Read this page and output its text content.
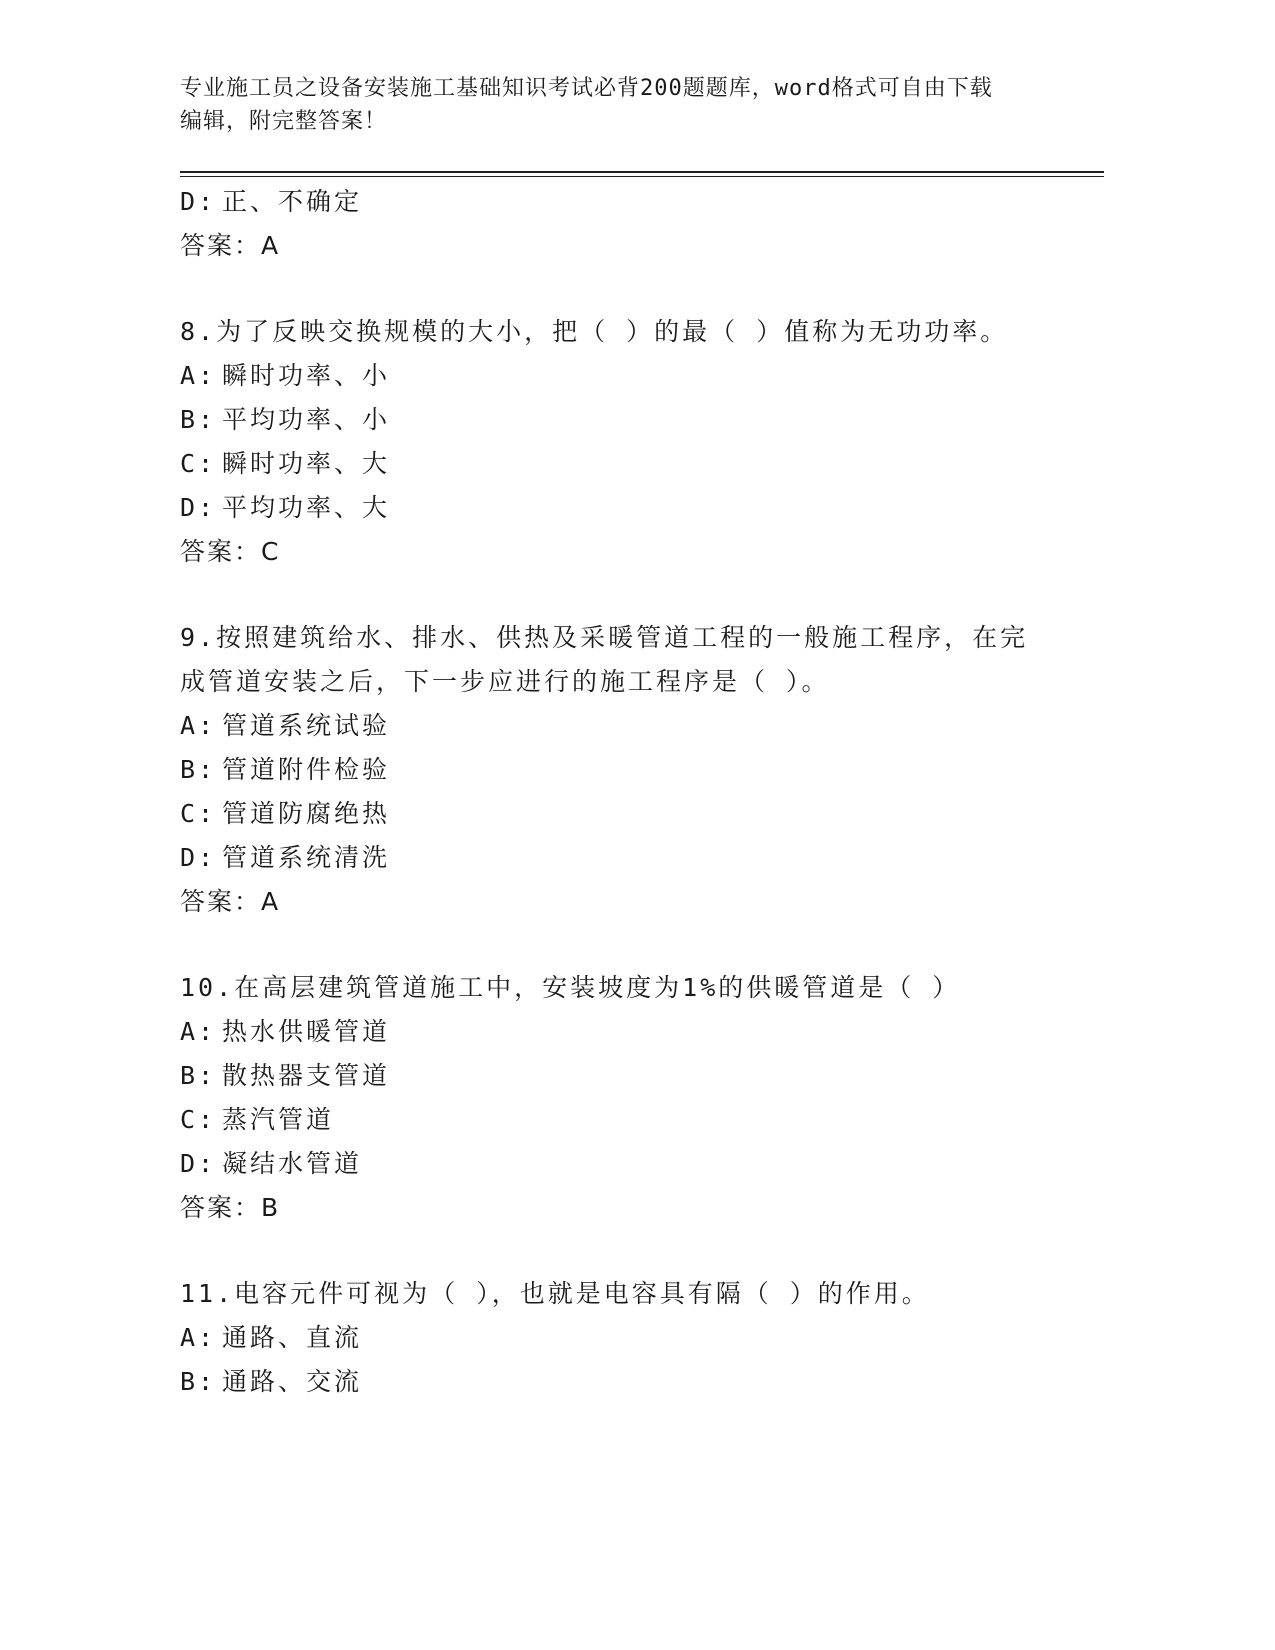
专业施工员之设备安装施工基础知识考试必背200题题库，word格式可自由下载
编辑，附完整答案！
D: 正、不确定
答案：A
8.为了反映交换规模的大小，把（ ）的最（ ）值称为无功功率。
A: 瞬时功率、小
B: 平均功率、小
C: 瞬时功率、大
D: 平均功率、大
答案：C
9.按照建筑给水、排水、供热及采暖管道工程的一般施工程序，在完
成管道安装之后，下一步应进行的施工程序是（ ）。
A: 管道系统试验
B: 管道附件检验
C: 管道防腐绝热
D: 管道系统清洗
答案：A
10.在高层建筑管道施工中，安装坡度为1%的供暖管道是（ ）
A: 热水供暖管道
B: 散热器支管道
C: 蒸汽管道
D: 凝结水管道
答案：B
11.电容元件可视为（ ），也就是电容具有隔（ ）的作用。
A: 通路、直流
B: 通路、交流
